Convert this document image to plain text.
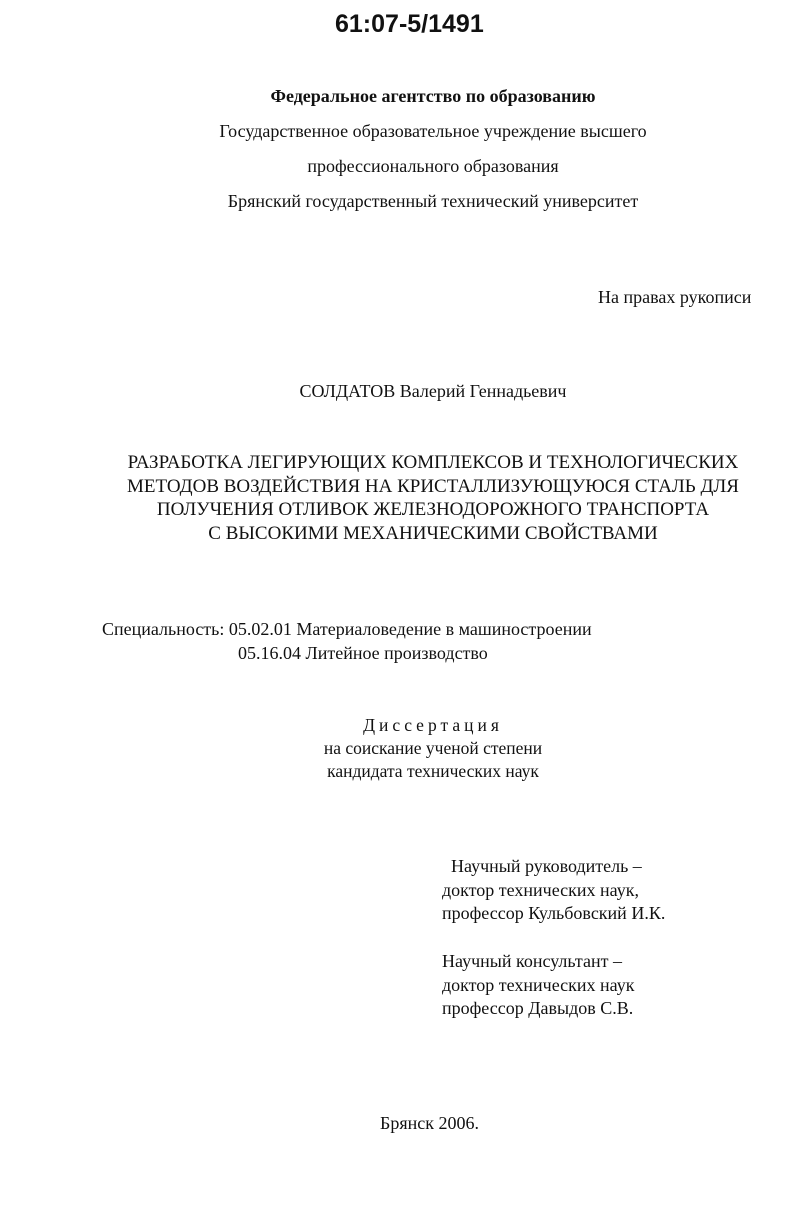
61:07-5/1491
Федеральное агентство по образованию
Государственное образовательное учреждение высшего
профессионального образования
Брянский государственный технический университет
На правах рукописи
СОЛДАТОВ Валерий Геннадьевич
РАЗРАБОТКА ЛЕГИРУЮЩИХ КОМПЛЕКСОВ И ТЕХНОЛОГИЧЕСКИХ
МЕТОДОВ ВОЗДЕЙСТВИЯ НА КРИСТАЛЛИЗУЮЩУЮСЯ СТАЛЬ ДЛЯ
ПОЛУЧЕНИЯ ОТЛИВОК ЖЕЛЕЗНОДОРОЖНОГО ТРАНСПОРТА
С ВЫСОКИМИ МЕХАНИЧЕСКИМИ СВОЙСТВАМИ
Специальность: 05.02.01 Материаловедение в машиностроении
05.16.04 Литейное производство
Диссертация
на соискание ученой степени
кандидата технических наук
Научный руководитель –
доктор технических наук,
профессор Кульбовский И.К.
Научный консультант –
доктор технических наук
профессор Давыдов С.В.
Брянск 2006.
